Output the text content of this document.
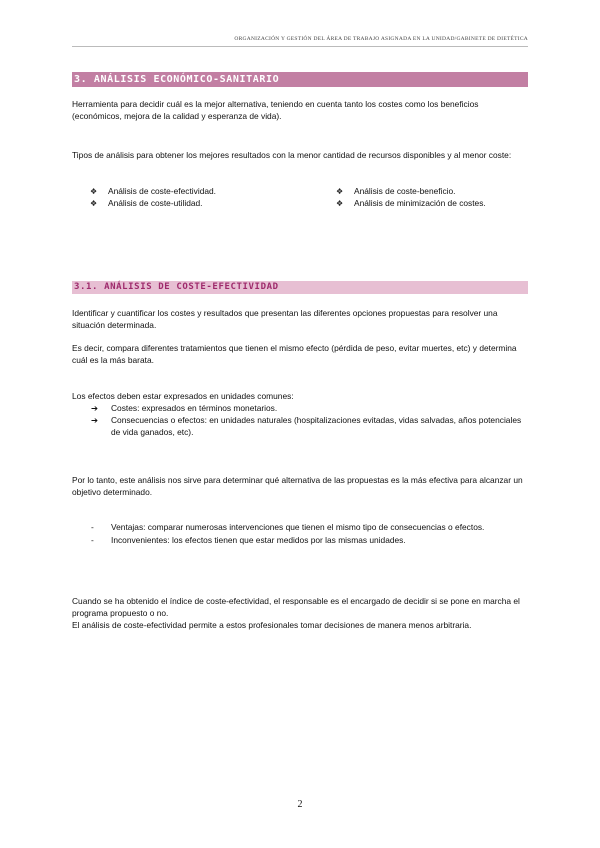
ORGANIZACIÓN Y GESTIÓN DEL ÁREA DE TRABAJO ASIGNADA EN LA UNIDAD/GABINETE DE DIETÉTICA
3. ANÁLISIS ECONÓMICO-SANITARIO

Herramienta para decidir cuál es la mejor alternativa, teniendo en cuenta tanto los costes como los beneficios (económicos, mejora de la calidad y esperanza de vida).

Tipos de análisis para obtener los mejores resultados con la menor cantidad de recursos disponibles y al menor coste:

❖ Análisis de coste-efectividad.
❖ Análisis de coste-utilidad.
❖ Análisis de coste-beneficio.
❖ Análisis de minimización de costes.
3.1. ANÁLISIS DE COSTE-EFECTIVIDAD

Identificar y cuantificar los costes y resultados que presentan las diferentes opciones propuestas para resolver una situación determinada.

Es decir, compara diferentes tratamientos que tienen el mismo efecto (pérdida de peso, evitar muertes, etc) y determina cuál es la más barata.

Los efectos deben estar expresados en unidades comunes:

➔	Costes: expresados en términos monetarios.
➔	Consecuencias o efectos: en unidades naturales (hospitalizaciones evitadas, vidas salvadas, años potenciales de vida ganados, etc).

Por lo tanto, este análisis nos sirve para determinar qué alternativa de las propuestas es la más efectiva para alcanzar un objetivo determinado.

-	Ventajas: comparar numerosas intervenciones que tienen el mismo tipo de consecuencias o efectos.
-	Inconvenientes: los efectos tienen que estar medidos por las mismas unidades.

Cuando se ha obtenido el índice de coste-efectividad, el responsable es el encargado de decidir si se pone en marcha el programa propuesto o no.

El análisis de coste-efectividad permite a estos profesionales tomar decisiones de manera menos arbitraria.

2
